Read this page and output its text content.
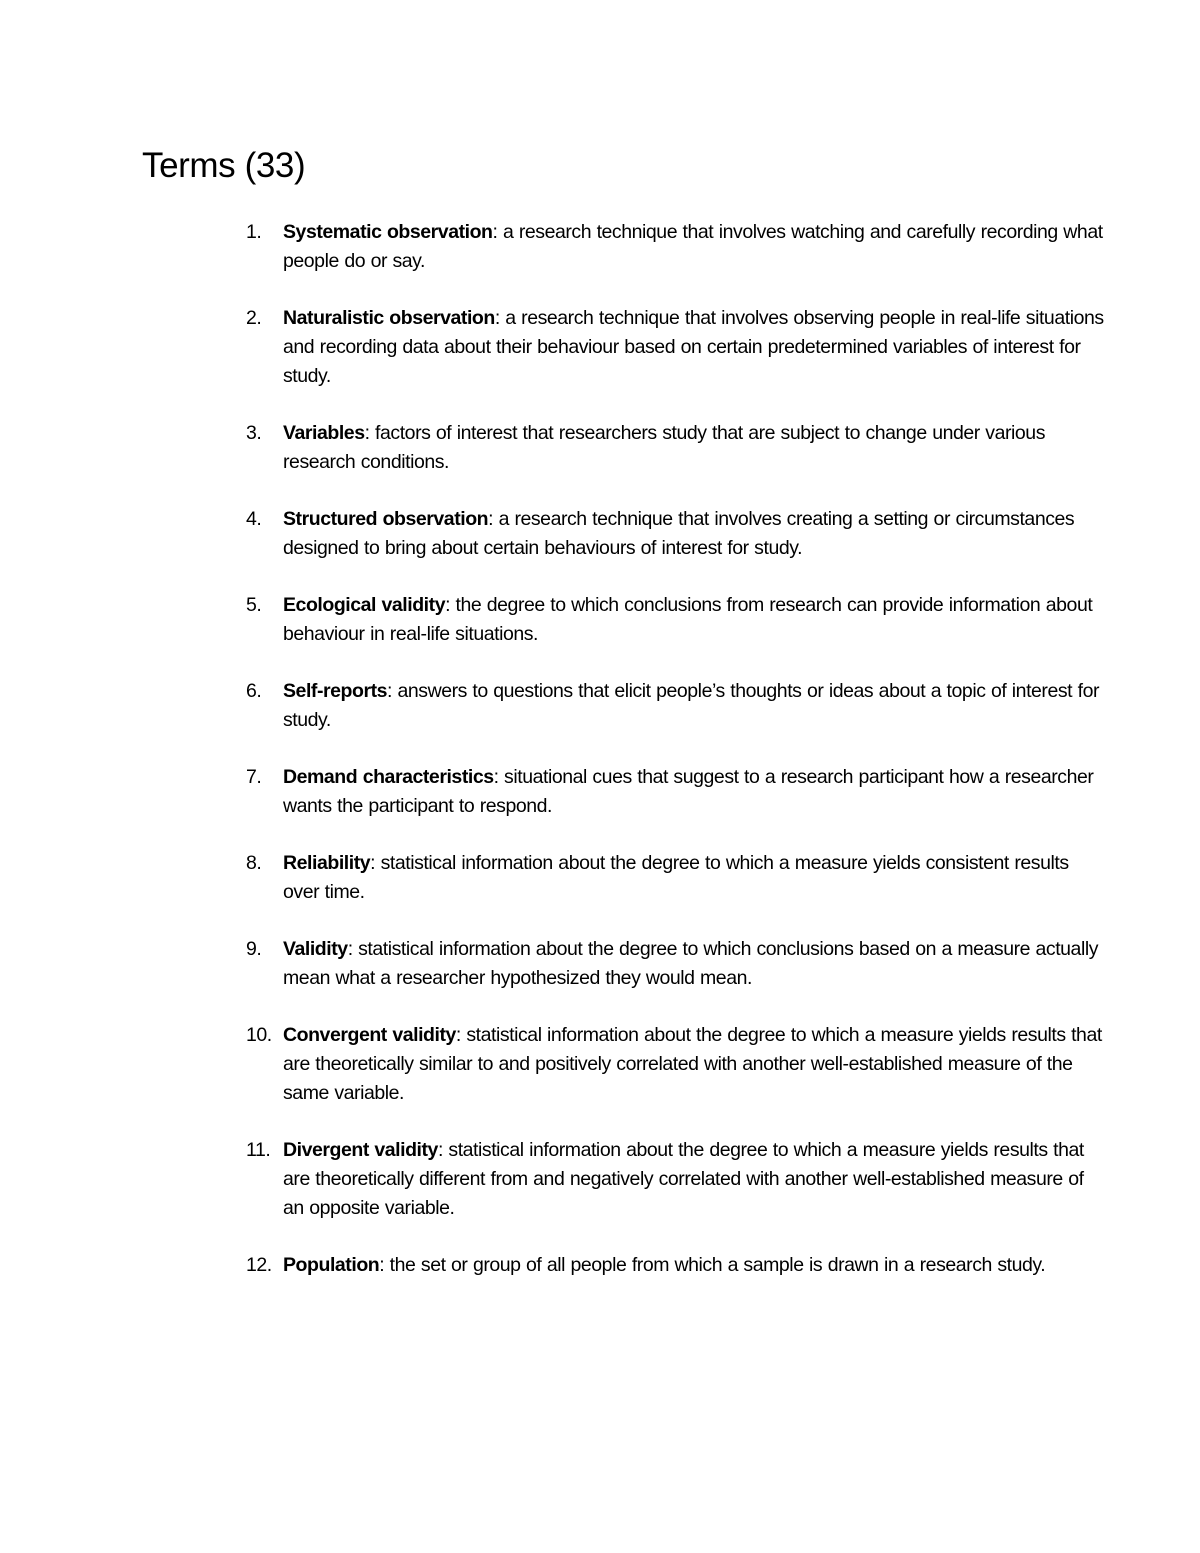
Terms (33)
1. Systematic observation: a research technique that involves watching and carefully recording what people do or say.
2. Naturalistic observation: a research technique that involves observing people in real-life situations and recording data about their behaviour based on certain predetermined variables of interest for study.
3. Variables: factors of interest that researchers study that are subject to change under various research conditions.
4. Structured observation: a research technique that involves creating a setting or circumstances designed to bring about certain behaviours of interest for study.
5. Ecological validity: the degree to which conclusions from research can provide information about behaviour in real-life situations.
6. Self-reports: answers to questions that elicit people’s thoughts or ideas about a topic of interest for study.
7. Demand characteristics: situational cues that suggest to a research participant how a researcher wants the participant to respond.
8. Reliability: statistical information about the degree to which a measure yields consistent results over time.
9. Validity: statistical information about the degree to which conclusions based on a measure actually mean what a researcher hypothesized they would mean.
10. Convergent validity: statistical information about the degree to which a measure yields results that are theoretically similar to and positively correlated with another well-established measure of the same variable.
11. Divergent validity: statistical information about the degree to which a measure yields results that are theoretically different from and negatively correlated with another well-established measure of an opposite variable.
12. Population: the set or group of all people from which a sample is drawn in a research study.
